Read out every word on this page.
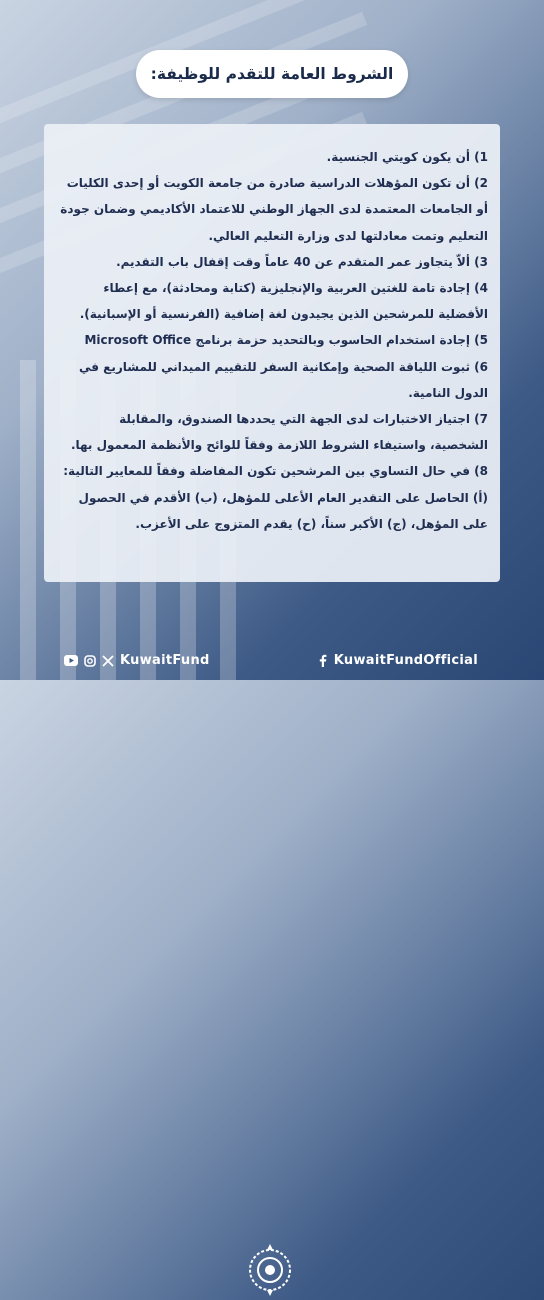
الشروط العامة للتقدم للوظيفة:

1) أن يكون كويتي الجنسية.

2) أن تكون المؤهلات الدراسية صادرة من جامعة الكويت أو إحدى الكليات أو الجامعات المعتمدة لدى الجهاز الوطني للاعتماد الأكاديمي وضمان جودة التعليم وتمت معادلتها لدى وزارة التعليم العالي.

3) ألاّ يتجاوز عمر المتقدم عن 40 عاماً وقت إقفال باب التقديم.

4) إجادة تامة للغتين العربية والإنجليزية (كتابة ومحادثة)، مع إعطاء الأفضلية للمرشحين الذين يجيدون لغة إضافية (الفرنسية أو الإسبانية).

5) إجادة استخدام الحاسوب وبالتحديد حزمة برنامج Microsoft Office

6) ثبوت اللياقة الصحية وإمكانية السفر للتقييم الميداني للمشاريع في الدول النامية.

7) اجتياز الاختبارات لدى الجهة التي يحددها الصندوق، والمقابلة الشخصية، واستيفاء الشروط اللازمة وفقاً للوائح والأنظمة المعمول بها.

8) في حال التساوي بين المرشحين تكون المفاضلة وفقاً للمعايير التالية: (أ) الحاصل على التقدير العام الأعلى للمؤهل، (ب) الأقدم في الحصول على المؤهل، (ج) الأكبر سناً، (ح) يقدم المتزوج على الأعزب.

KuwaitFund	KuwaitFundOfficial
